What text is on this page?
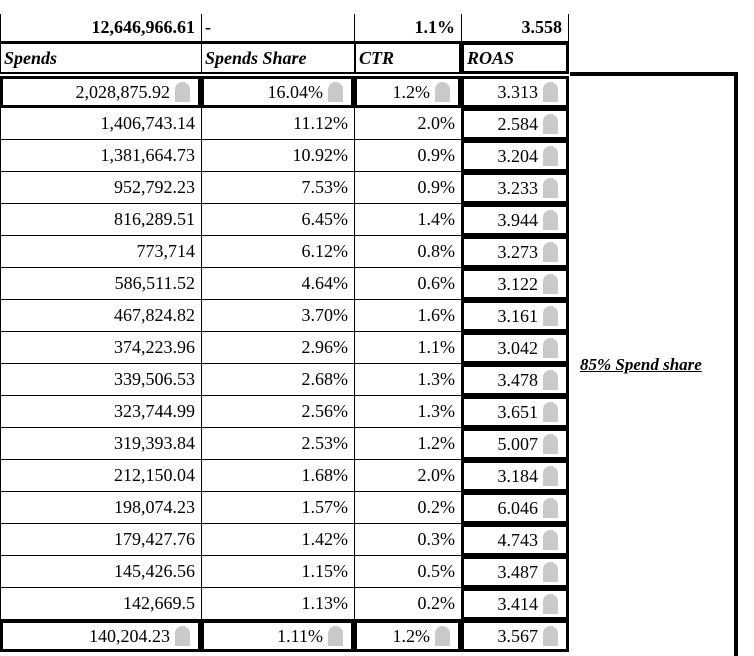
12,646,966.61 -	1.1%	3.558
Spends	Spends Share	CTR	ROAS
2,028,875.92	16.04%	1.2%	3.313
1,406,743.14	11.12%	2.0% 2.584
1,381,664.73	10.92%	0.9% 3.204
952,792.23	7.53%	0.9% 3.233
816,289.51	6.45%	1.4% 3.944
773,714	6.12%	0.8% 3.273
586,511.52	4.64%	0.6% 3.122
467,824.82	3.70%	1.6% 3.161
374,223.96	2.96%	1.1% 3.042
339,506.53	2.68%	1.3% 3.478
323,744.99	2.56%	1.3% 3.651
319,393.84	2.53%	1.2% 5.007
212,150.04	1.68%	2.0% 3.184
198,074.23	1.57%	0.2% 6.046
179,427.76	1.42%	0.3% 4.743
145,426.56	1.15%	0.5% 3.487
142,669.5	1.13%	0.2% 3.414
140,204.23	1.11%	1.2%	3.567
85% Spend share
